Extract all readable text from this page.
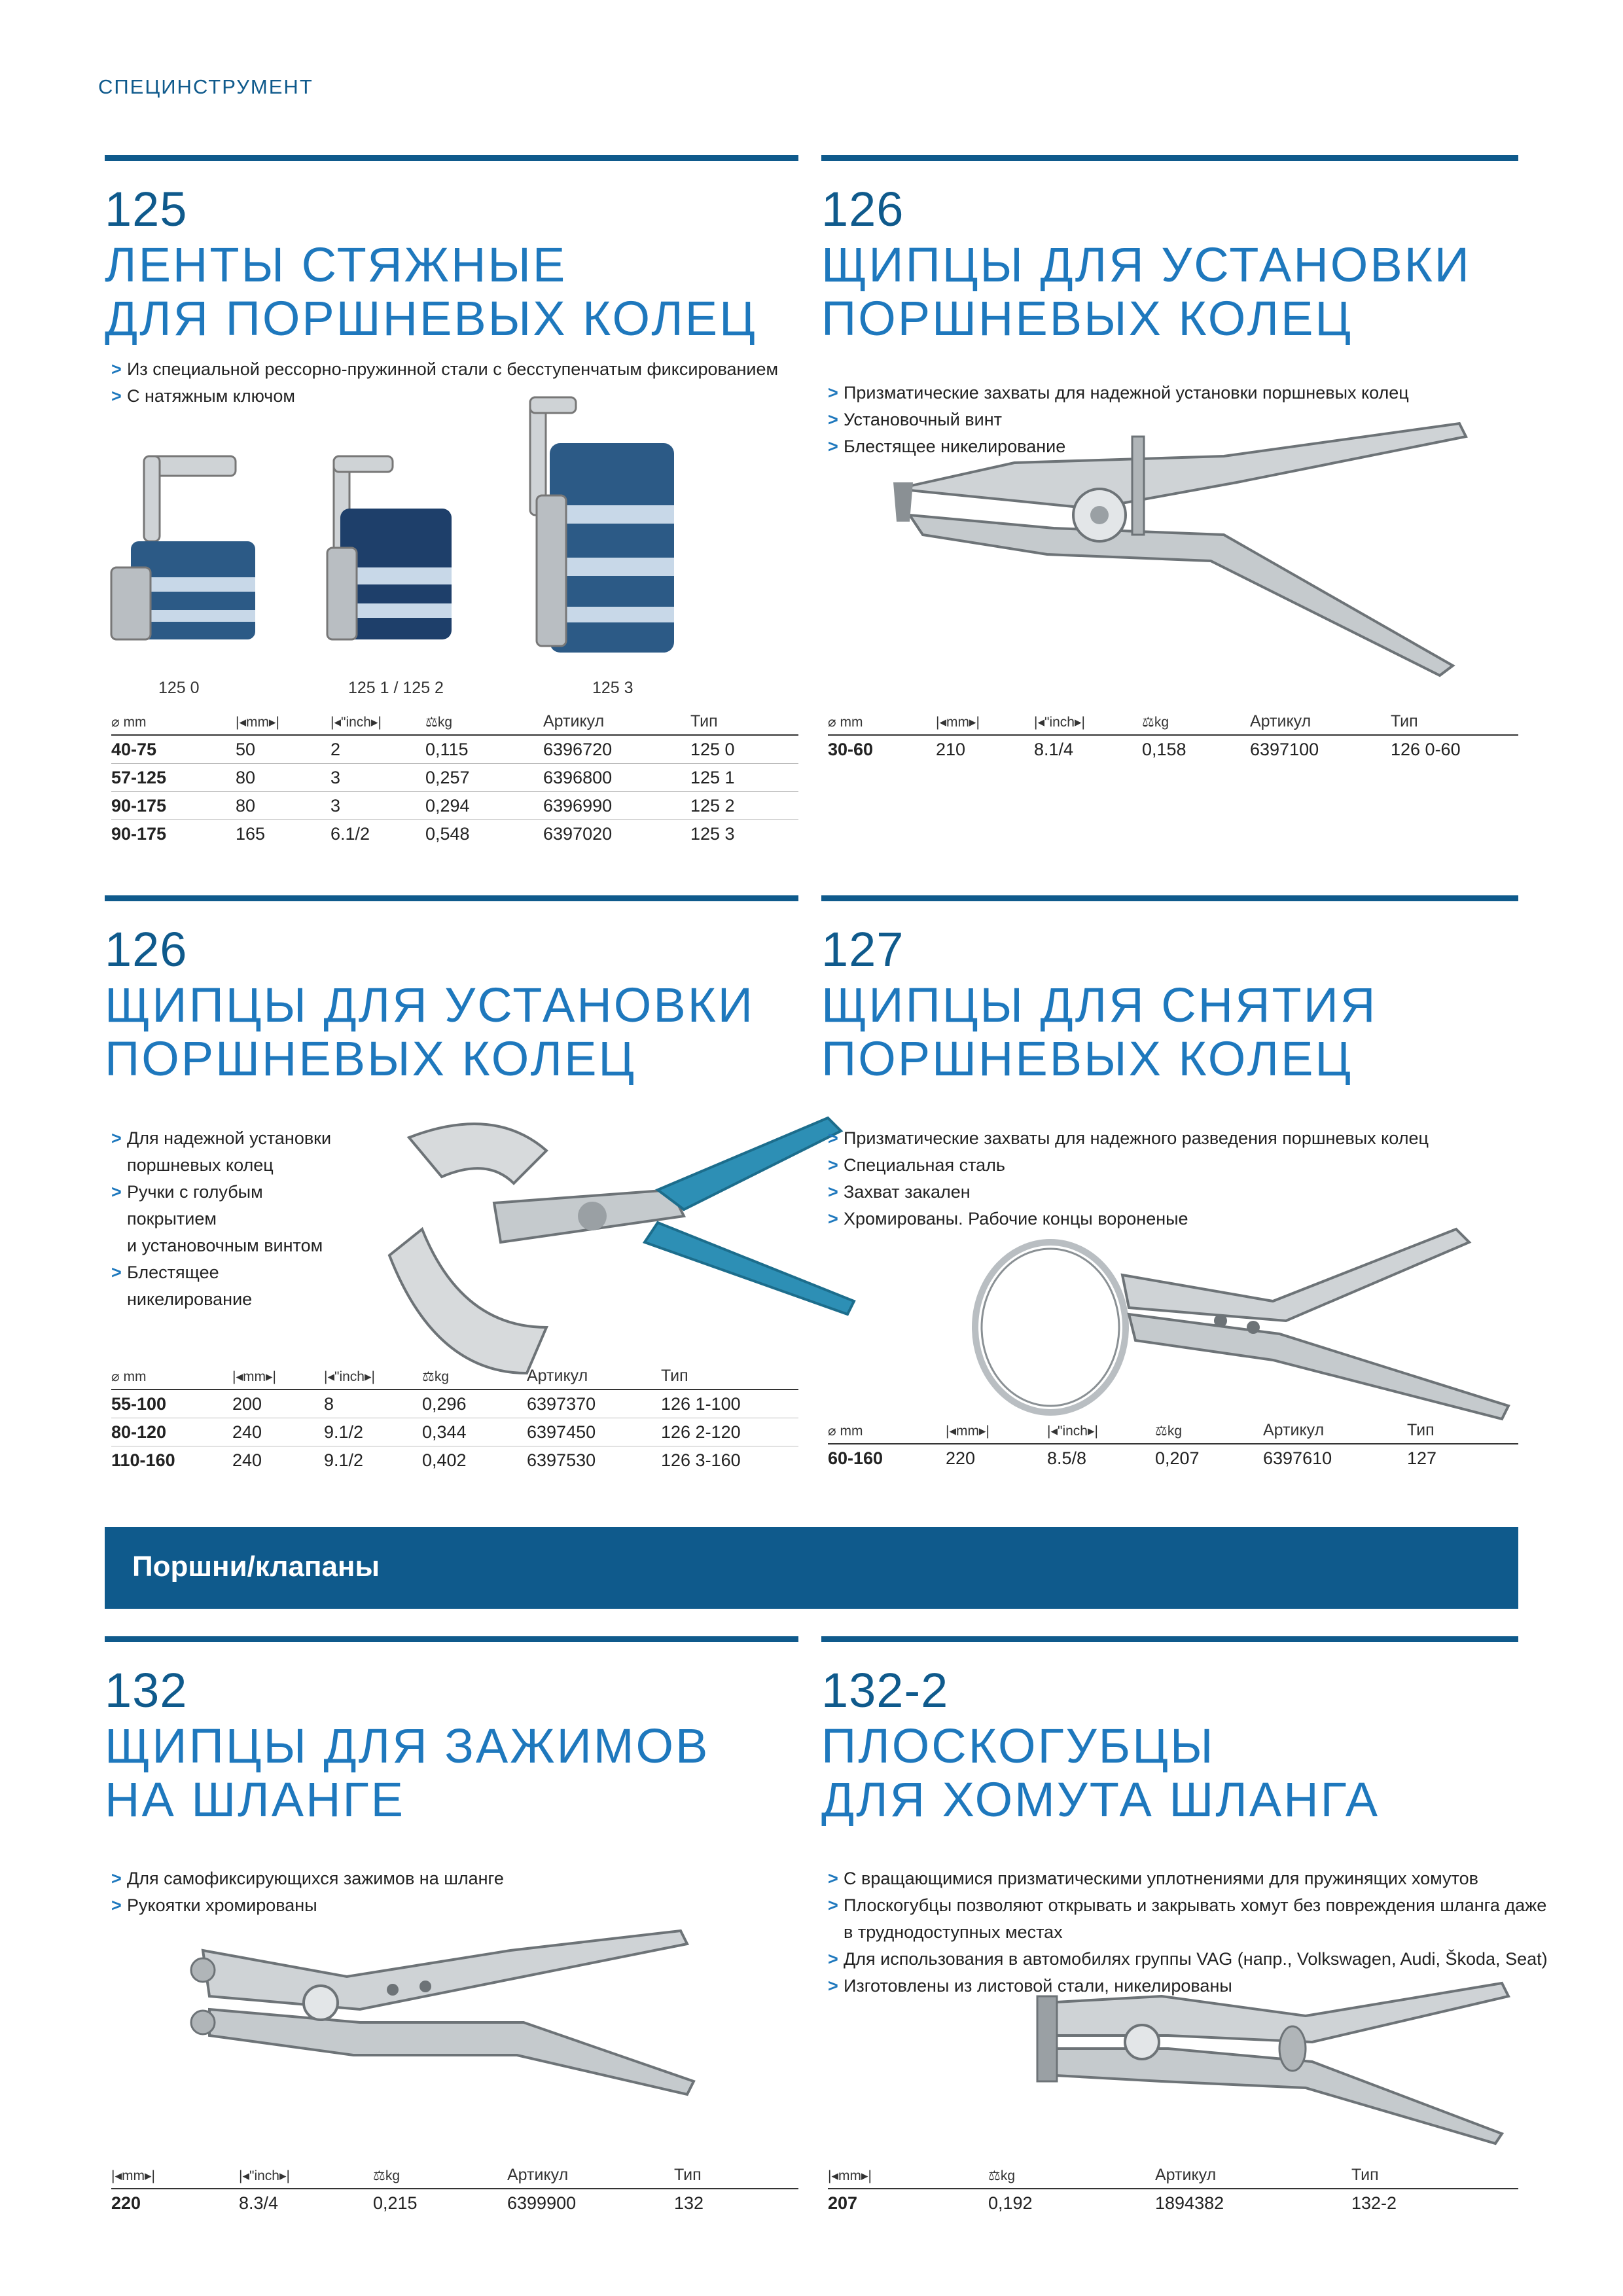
СПЕЦИНСТРУМЕНТ
125
ЛЕНТЫ СТЯЖНЫЕ
ДЛЯ ПОРШНЕВЫХ КОЛЕЦ
> Из специальной рессорно-пружинной стали с бесступенчатым фиксированием
> С натяжным ключом
125 0	125 1 / 125 2	125 3
⌀ mm	|◂mm▸|	|◂"inch▸|	⚖kg	Артикул	Тип
40-75	50	2	0,115	6396720	125 0
57-125	80	3	0,257	6396800	125 1
90-175	80	3	0,294	6396990	125 2
90-175	165	6.1/2	0,548	6397020	125 3
126
ЩИПЦЫ ДЛЯ УСТАНОВКИ
ПОРШНЕВЫХ КОЛЕЦ
> Призматические захваты для надежной установки поршневых колец
> Установочный винт
> Блестящее никелирование
⌀ mm	|◂mm▸|	|◂"inch▸|	⚖kg	Артикул	Тип
30-60	210	8.1/4	0,158	6397100	126 0-60
126
ЩИПЦЫ ДЛЯ УСТАНОВКИ
ПОРШНЕВЫХ КОЛЕЦ
> Для надежной установки
поршневых колец
> Ручки с голубым
покрытием
и установочным винтом
> Блестящее
никелирование
⌀ mm	|◂mm▸|	|◂"inch▸|	⚖kg	Артикул	Тип
55-100	200	8	0,296	6397370	126 1-100
80-120	240	9.1/2	0,344	6397450	126 2-120
110-160	240	9.1/2	0,402	6397530	126 3-160
127
ЩИПЦЫ ДЛЯ СНЯТИЯ
ПОРШНЕВЫХ КОЛЕЦ
> Призматические захваты для надежного разведения поршневых колец
> Специальная сталь
> Захват закален
> Хромированы. Рабочие концы вороненые
⌀ mm	|◂mm▸|	|◂"inch▸|	⚖kg	Артикул	Тип
60-160	220	8.5/8	0,207	6397610	127
Поршни/клапаны
132
ЩИПЦЫ ДЛЯ ЗАЖИМОВ
НА ШЛАНГЕ
> Для самофиксирующихся зажимов на шланге
> Рукоятки хромированы
|◂mm▸|	|◂"inch▸|	⚖kg	Артикул	Тип
220	8.3/4	0,215	6399900	132
132-2
ПЛОСКОГУБЦЫ
ДЛЯ ХОМУТА ШЛАНГА
> С вращающимися призматическими уплотнениями для пружинящих хомутов
> Плоскогубцы позволяют открывать и закрывать хомут без повреждения шланга даже
в труднодоступных местах
> Для использования в автомобилях группы VAG (напр., Volkswagen, Audi, Škoda, Seat)
> Изготовлены из листовой стали, никелированы
|◂mm▸|	⚖kg	Артикул	Тип
207	0,192	1894382	132-2
